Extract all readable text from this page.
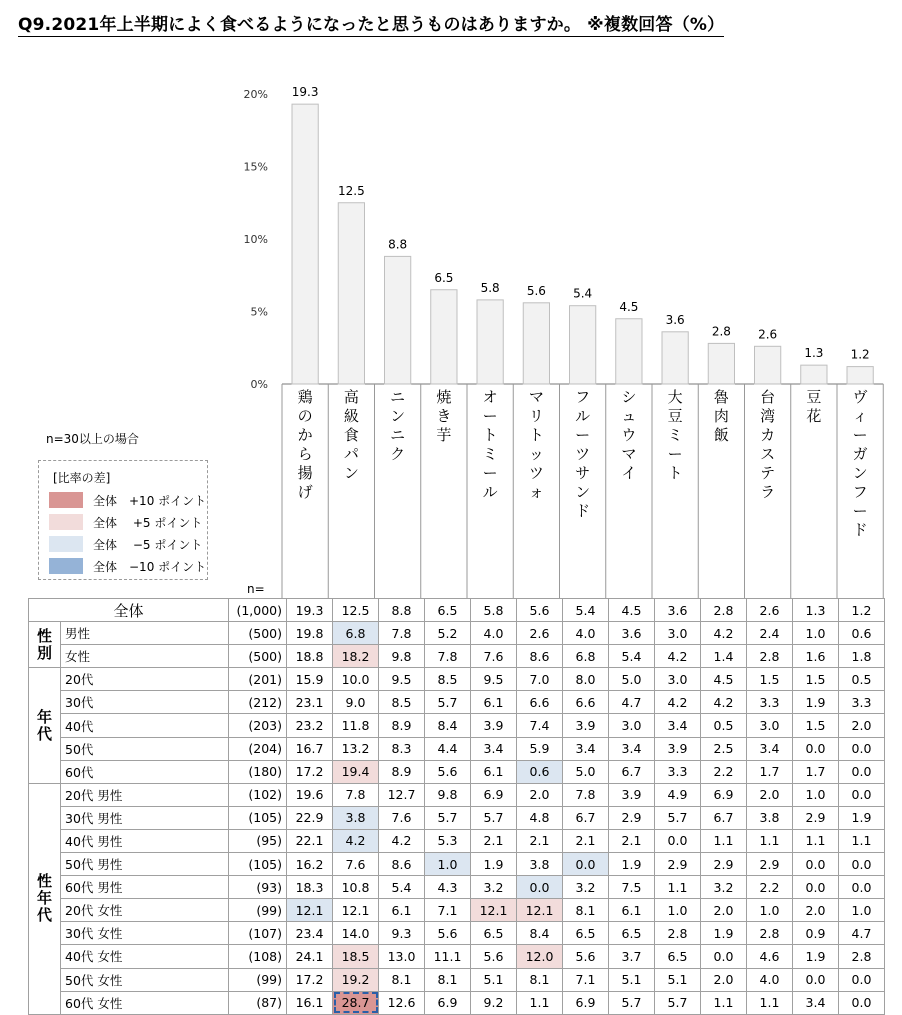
Q9.2021年上半期によく食べるようになったと思うものはありますか。 ※複数回答（%）
0%
5%
10%
15%
20% 19.3
鶏のから揚げ
12.5
高級食パン
8.8
ニンニク
6.5
焼き芋
5.8
オートミール
5.6
マリトッツォ
5.4
フルーツサンド
4.5
シュウマイ
3.6
大豆ミート
2.8
魯肉飯
2.6
台湾カステラ
1.3
豆花
1.2
ヴィーガンフード
n=30以上の場合
[比率の差]
全体　+10 ポイント
全体　 +5 ポイント
全体　 −5 ポイント
全体　−10 ポイント
n=
全体		(1,000)	19.3	12.5	8.8	6.5	5.8	5.6	5.4	4.5	3.6	2.8	2.6	1.3	1.2
性
別	男性	(500)	19.8	6.8	7.8	5.2	4.0	2.6	4.0	3.6	3.0	4.2	2.4	1.0	0.6
	女性	(500)	18.8	18.2	9.8	7.8	7.6	8.6	6.8	5.4	4.2	1.4	2.8	1.6	1.8
年
代	20代	(201)	15.9	10.0	9.5	8.5	9.5	7.0	8.0	5.0	3.0	4.5	1.5	1.5	0.5
	30代	(212)	23.1	9.0	8.5	5.7	6.1	6.6	6.6	4.7	4.2	4.2	3.3	1.9	3.3
	40代	(203)	23.2	11.8	8.9	8.4	3.9	7.4	3.9	3.0	3.4	0.5	3.0	1.5	2.0
	50代	(204)	16.7	13.2	8.3	4.4	3.4	5.9	3.4	3.4	3.9	2.5	3.4	0.0	0.0
	60代	(180)	17.2	19.4	8.9	5.6	6.1	0.6	5.0	6.7	3.3	2.2	1.7	1.7	0.0
性
年
代	20代 男性	(102)	19.6	7.8	12.7	9.8	6.9	2.0	7.8	3.9	4.9	6.9	2.0	1.0	0.0
	30代 男性	(105)	22.9	3.8	7.6	5.7	5.7	4.8	6.7	2.9	5.7	6.7	3.8	2.9	1.9
	40代 男性	(95)	22.1	4.2	4.2	5.3	2.1	2.1	2.1	2.1	0.0	1.1	1.1	1.1	1.1
	50代 男性	(105)	16.2	7.6	8.6	1.0	1.9	3.8	0.0	1.9	2.9	2.9	2.9	0.0	0.0
	60代 男性	(93)	18.3	10.8	5.4	4.3	3.2	0.0	3.2	7.5	1.1	3.2	2.2	0.0	0.0
	20代 女性	(99)	12.1	12.1	6.1	7.1	12.1	12.1	8.1	6.1	1.0	2.0	1.0	2.0	1.0
	30代 女性	(107)	23.4	14.0	9.3	5.6	6.5	8.4	6.5	6.5	2.8	1.9	2.8	0.9	4.7
	40代 女性	(108)	24.1	18.5	13.0	11.1	5.6	12.0	5.6	3.7	6.5	0.0	4.6	1.9	2.8
	50代 女性	(99)	17.2	19.2	8.1	8.1	5.1	8.1	7.1	5.1	5.1	2.0	4.0	0.0	0.0
	60代 女性	(87)	16.1	28.7	12.6	6.9	9.2	1.1	6.9	5.7	5.7	1.1	1.1	3.4	0.0
